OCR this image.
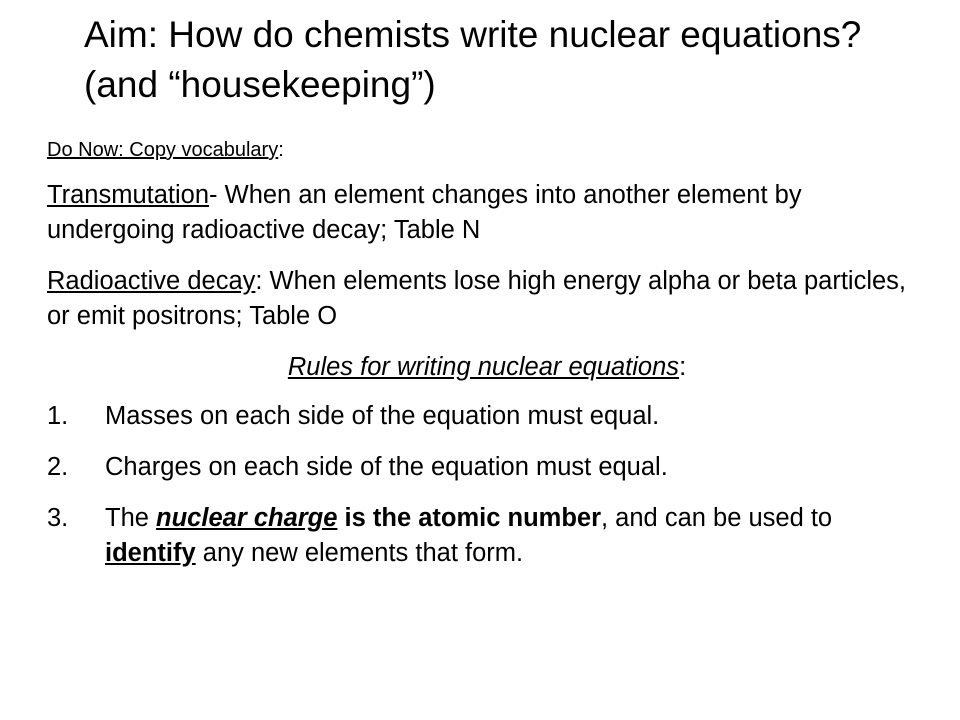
Aim: How do chemists write nuclear equations? (and “housekeeping”)
Do Now: Copy vocabulary:

Transmutation- When an element changes into another element by undergoing radioactive decay; Table N

Radioactive decay: When elements lose high energy alpha or beta particles, or emit positrons; Table O

Rules for writing nuclear equations:
1. Masses on each side of the equation must equal.
2. Charges on each side of the equation must equal.
3. The nuclear charge is the atomic number, and can be used to identify any new elements that form.
